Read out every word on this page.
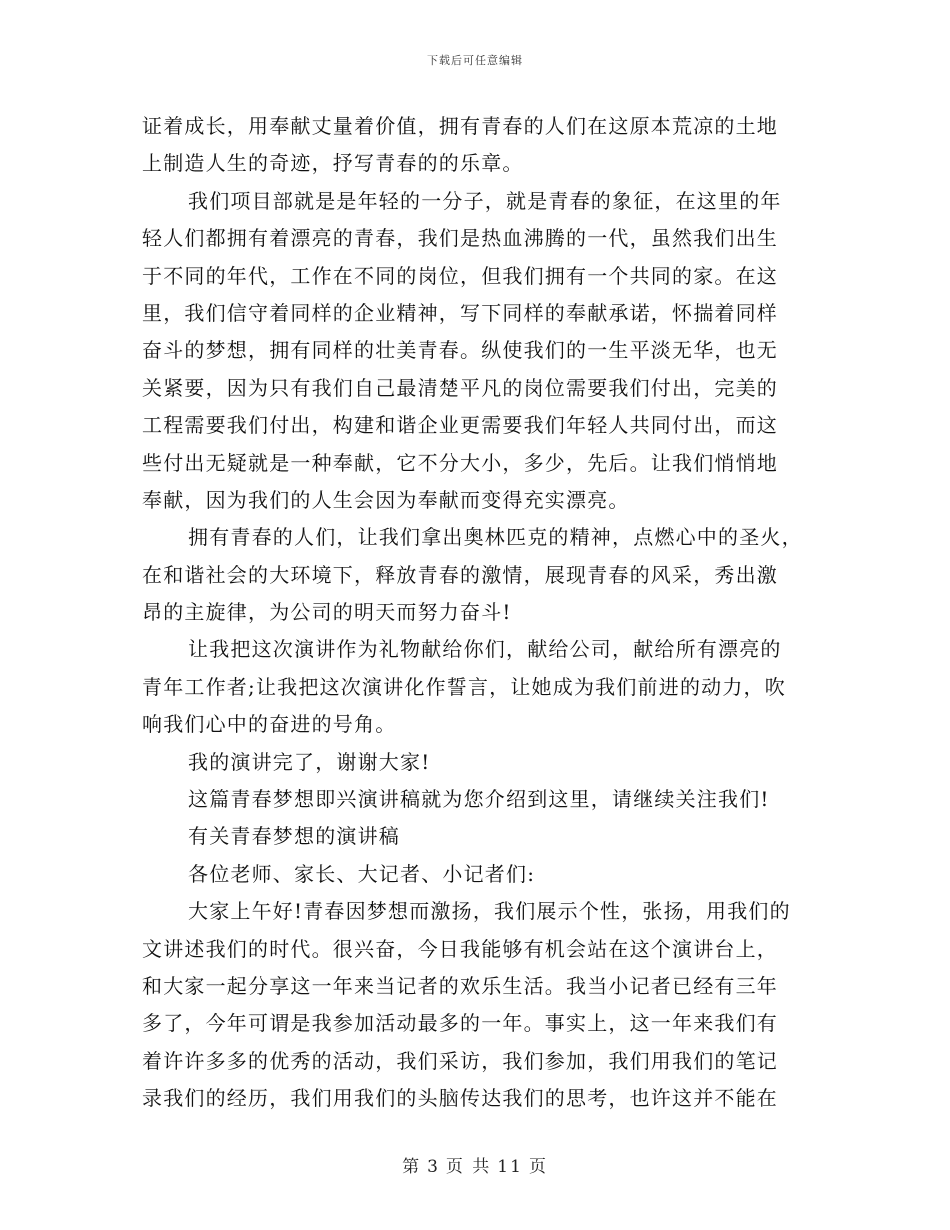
下载后可任意编辑
证着成长，用奉献丈量着价值，拥有青春的人们在这原本荒凉的土地
上制造人生的奇迹，抒写青春的的乐章。
我们项目部就是是年轻的一分子，就是青春的象征，在这里的年
轻人们都拥有着漂亮的青春，我们是热血沸腾的一代，虽然我们出生
于不同的年代，工作在不同的岗位，但我们拥有一个共同的家。在这
里，我们信守着同样的企业精神，写下同样的奉献承诺，怀揣着同样
奋斗的梦想，拥有同样的壮美青春。纵使我们的一生平淡无华，也无
关紧要，因为只有我们自己最清楚平凡的岗位需要我们付出，完美的
工程需要我们付出，构建和谐企业更需要我们年轻人共同付出，而这
些付出无疑就是一种奉献，它不分大小，多少，先后。让我们悄悄地
奉献，因为我们的人生会因为奉献而变得充实漂亮。
拥有青春的人们，让我们拿出奥林匹克的精神，点燃心中的圣火，
在和谐社会的大环境下，释放青春的激情，展现青春的风采，秀出激
昂的主旋律，为公司的明天而努力奋斗!
让我把这次演讲作为礼物献给你们，献给公司，献给所有漂亮的
青年工作者;让我把这次演讲化作誓言，让她成为我们前进的动力，吹
响我们心中的奋进的号角。
我的演讲完了，谢谢大家!
这篇青春梦想即兴演讲稿就为您介绍到这里，请继续关注我们!
有关青春梦想的演讲稿
各位老师、家长、大记者、小记者们:
大家上午好!青春因梦想而激扬，我们展示个性，张扬，用我们的
文讲述我们的时代。很兴奋，今日我能够有机会站在这个演讲台上，
和大家一起分享这一年来当记者的欢乐生活。我当小记者已经有三年
多了，今年可谓是我参加活动最多的一年。事实上，这一年来我们有
着许许多多的优秀的活动，我们采访，我们参加，我们用我们的笔记
录我们的经历，我们用我们的头脑传达我们的思考，也许这并不能在
第 3 页 共 11 页
